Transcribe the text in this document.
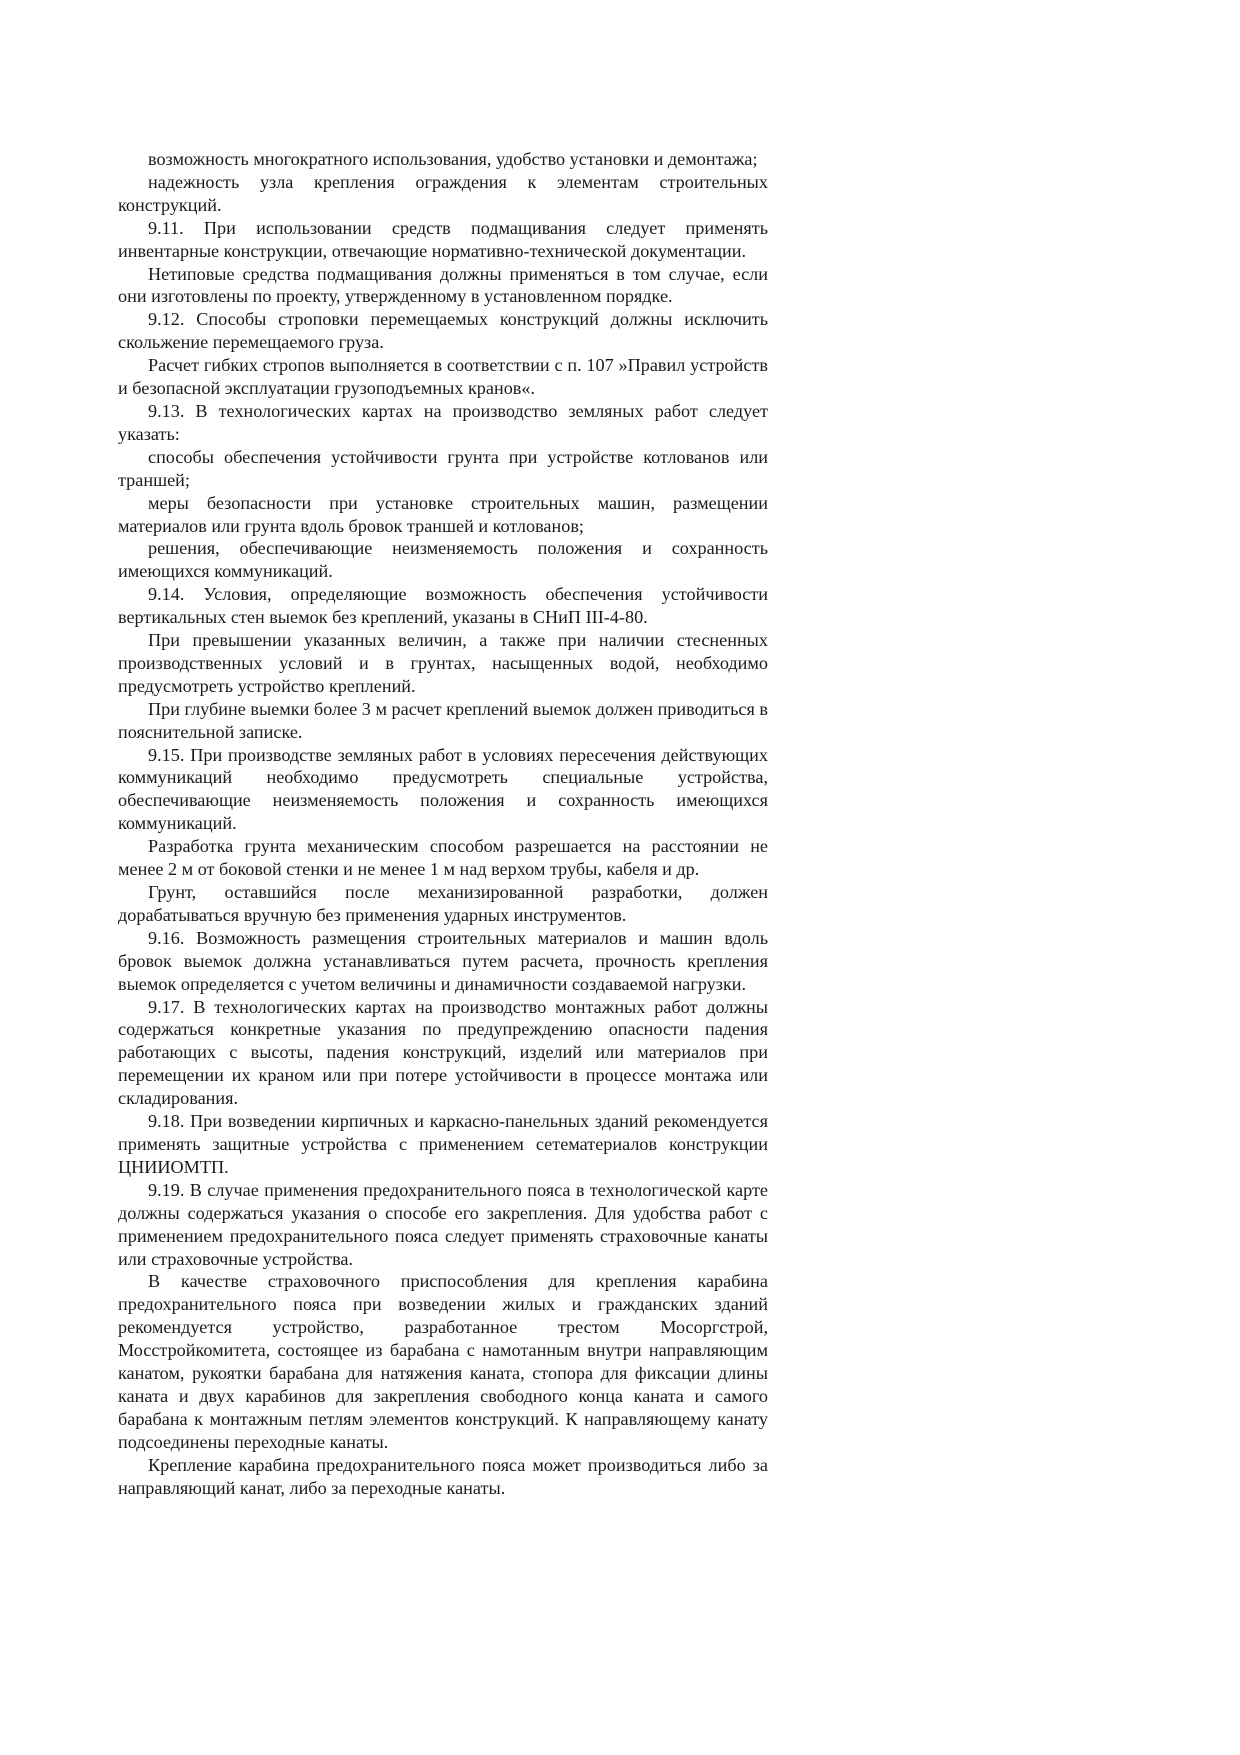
возможность многократного использования, удобство установки и демонтажа;

надежность узла крепления ограждения к элементам строительных конструкций.

9.11. При использовании средств подмащивания следует применять инвентарные конструкции, отвечающие нормативно-технической документации.

Нетиповые средства подмащивания должны применяться в том случае, если они изготовлены по проекту, утвержденному в установленном порядке.

9.12. Способы строповки перемещаемых конструкций должны исключить скольжение перемещаемого груза.

Расчет гибких стропов выполняется в соответствии с п. 107 »Правил устройств и безопасной эксплуатации грузоподъемных кранов«.

9.13. В технологических картах на производство земляных работ следует указать:

способы обеспечения устойчивости грунта при устройстве котлованов или траншей;

меры безопасности при установке строительных машин, размещении материалов или грунта вдоль бровок траншей и котлованов;

решения, обеспечивающие неизменяемость положения и сохранность имеющихся коммуникаций.

9.14. Условия, определяющие возможность обеспечения устойчивости вертикальных стен выемок без креплений, указаны в СНиП III-4-80.

При превышении указанных величин, а также при наличии стесненных производственных условий и в грунтах, насыщенных водой, необходимо предусмотреть устройство креплений.

При глубине выемки более 3 м расчет креплений выемок должен приводиться в пояснительной записке.

9.15. При производстве земляных работ в условиях пересечения действующих коммуникаций необходимо предусмотреть специальные устройства, обеспечивающие неизменяемость положения и сохранность имеющихся коммуникаций.

Разработка грунта механическим способом разрешается на расстоянии не менее 2 м от боковой стенки и не менее 1 м над верхом трубы, кабеля и др.

Грунт, оставшийся после механизированной разработки, должен дорабатываться вручную без применения ударных инструментов.

9.16. Возможность размещения строительных материалов и машин вдоль бровок выемок должна устанавливаться путем расчета, прочность крепления выемок определяется с учетом величины и динамичности создаваемой нагрузки.

9.17. В технологических картах на производство монтажных работ должны содержаться конкретные указания по предупреждению опасности падения работающих с высоты, падения конструкций, изделий или материалов при перемещении их краном или при потере устойчивости в процессе монтажа или складирования.

9.18. При возведении кирпичных и каркасно-панельных зданий рекомендуется применять защитные устройства с применением сетематериалов конструкции ЦНИИОМТП.

9.19. В случае применения предохранительного пояса в технологической карте должны содержаться указания о способе его закрепления. Для удобства работ с применением предохранительного пояса следует применять страховочные канаты или страховочные устройства.

В качестве страховочного приспособления для крепления карабина предохранительного пояса при возведении жилых и гражданских зданий рекомендуется устройство, разработанное трестом Мосоргстрой, Мосстройкомитета, состоящее из барабана с намотанным внутри направляющим канатом, рукоятки барабана для натяжения каната, стопора для фиксации длины каната и двух карабинов для закрепления свободного конца каната и самого барабана к монтажным петлям элементов конструкций. К направляющему канату подсоединены переходные канаты.

Крепление карабина предохранительного пояса может производиться либо за направляющий канат, либо за переходные канаты.
